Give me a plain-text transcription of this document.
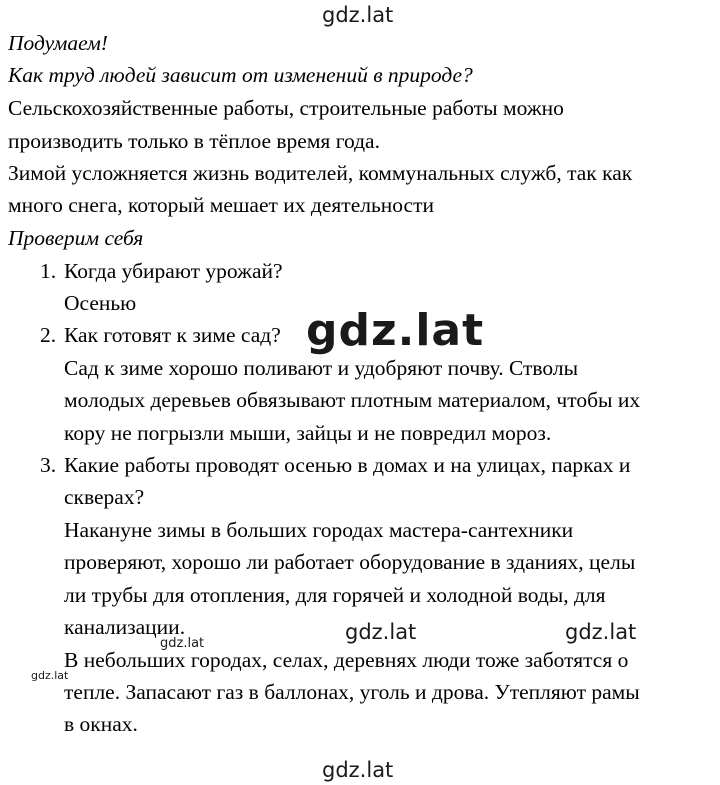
gdz.lat
Подумаем!
Как труд людей зависит от изменений в природе?
Сельскохозяйственные работы, строительные работы можно
производить только в тёплое время года.
Зимой усложняется жизнь водителей, коммунальных служб, так как
много снега, который мешает их деятельности
Проверим себя
1. Когда убирают урожай?
Осенью
2. Как готовят к зиме сад?
Сад к зиме хорошо поливают и удобряют почву. Стволы
молодых деревьев обвязывают плотным материалом, чтобы их
кору не погрызли мыши, зайцы и не повредил мороз.
3. Какие работы проводят осенью в домах и на улицах, парках и
скверах?
Накануне зимы в больших городах мастера-сантехники
проверяют, хорошо ли работает оборудование в зданиях, целы
ли трубы для отопления, для горячей и холодной воды, для
канализации.
В небольших городах, селах, деревнях люди тоже заботятся о
тепле. Запасают газ в баллонах, уголь и дрова. Утепляют рамы
в окнах.
gdz.lat
gdz.lat	gdz.lat
gdz.lat
gdz.lat
gdz.lat
